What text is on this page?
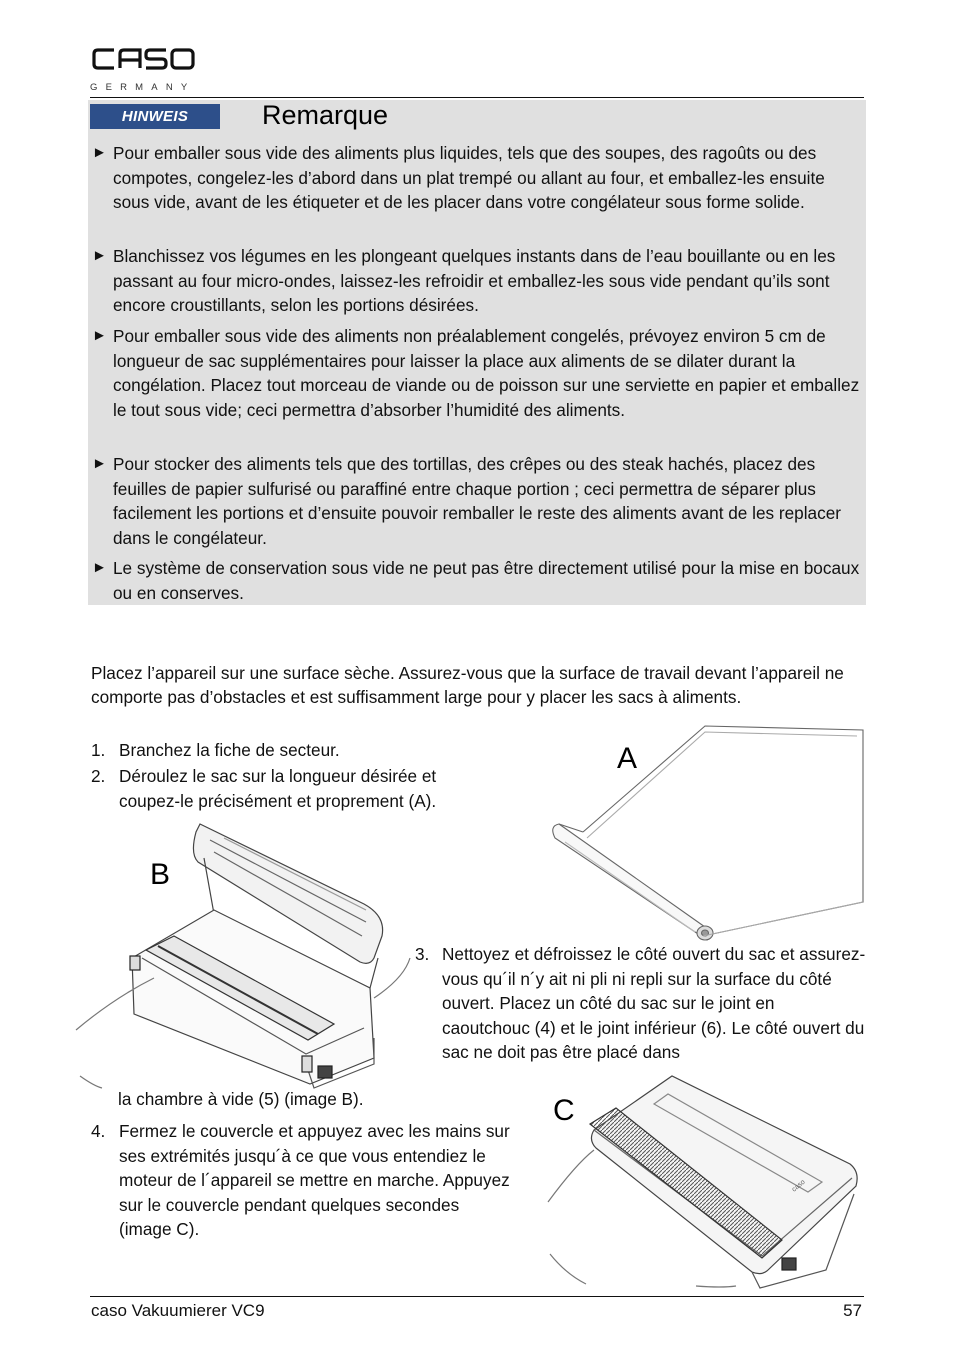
GERMANY
HINWEIS	Remarque
► Pour emballer sous vide des aliments plus liquides, tels que des soupes, des ragoûts ou des compotes, congelez-les d’abord dans un plat trempé ou allant au four, et emballez-les ensuite sous vide, avant de les étiqueter et de les placer dans votre congélateur sous forme solide.
► Blanchissez vos légumes en les plongeant quelques instants dans de l’eau bouillante ou en les passant au four micro-ondes, laissez-les refroidir et emballez-les sous vide pendant qu’ils sont encore croustillants, selon les portions désirées.
► Pour emballer sous vide des aliments non préalablement congelés, prévoyez environ 5 cm de longueur de sac supplémentaires pour laisser la place aux aliments de se dilater durant la congélation. Placez tout morceau de viande ou de poisson sur une serviette en papier et emballez le tout sous vide; ceci permettra d’absorber l’humidité des aliments.
► Pour stocker des aliments tels que des tortillas, des crêpes ou des steak hachés, placez des feuilles de papier sulfurisé ou paraffiné entre chaque portion ; ceci permettra de séparer plus facilement les portions et d’ensuite pouvoir remballer le reste des aliments avant de les replacer dans le congélateur.
► Le système de conservation sous vide ne peut pas être directement utilisé pour la mise en bocaux ou en conserves.
Placez l’appareil sur une surface sèche. Assurez-vous que la surface de travail devant l’appareil ne comporte pas d’obstacles et est suffisamment large pour y placer les sacs à aliments.
1. Branchez la fiche de secteur.
2. Déroulez le sac sur la longueur désirée et coupez-le précisément et proprement (A).
A
B
3. Nettoyez et défroissez le côté ouvert du sac et assurez-vous qu´il n´y ait ni pli ni repli sur la surface du côté ouvert. Placez un côté du sac sur le joint en caoutchouc (4) et le joint inférieur (6). Le côté ouvert du sac ne doit pas être placé dans
la chambre à vide (5) (image B).
4. Fermez le couvercle et appuyez avec les mains sur ses extrémités jusqu´à ce que vous entendiez le moteur de l´appareil se mettre en marche. Appuyez sur le couvercle pendant quelques secondes (image C).
C
caso
caso Vakuumierer VC9	57
